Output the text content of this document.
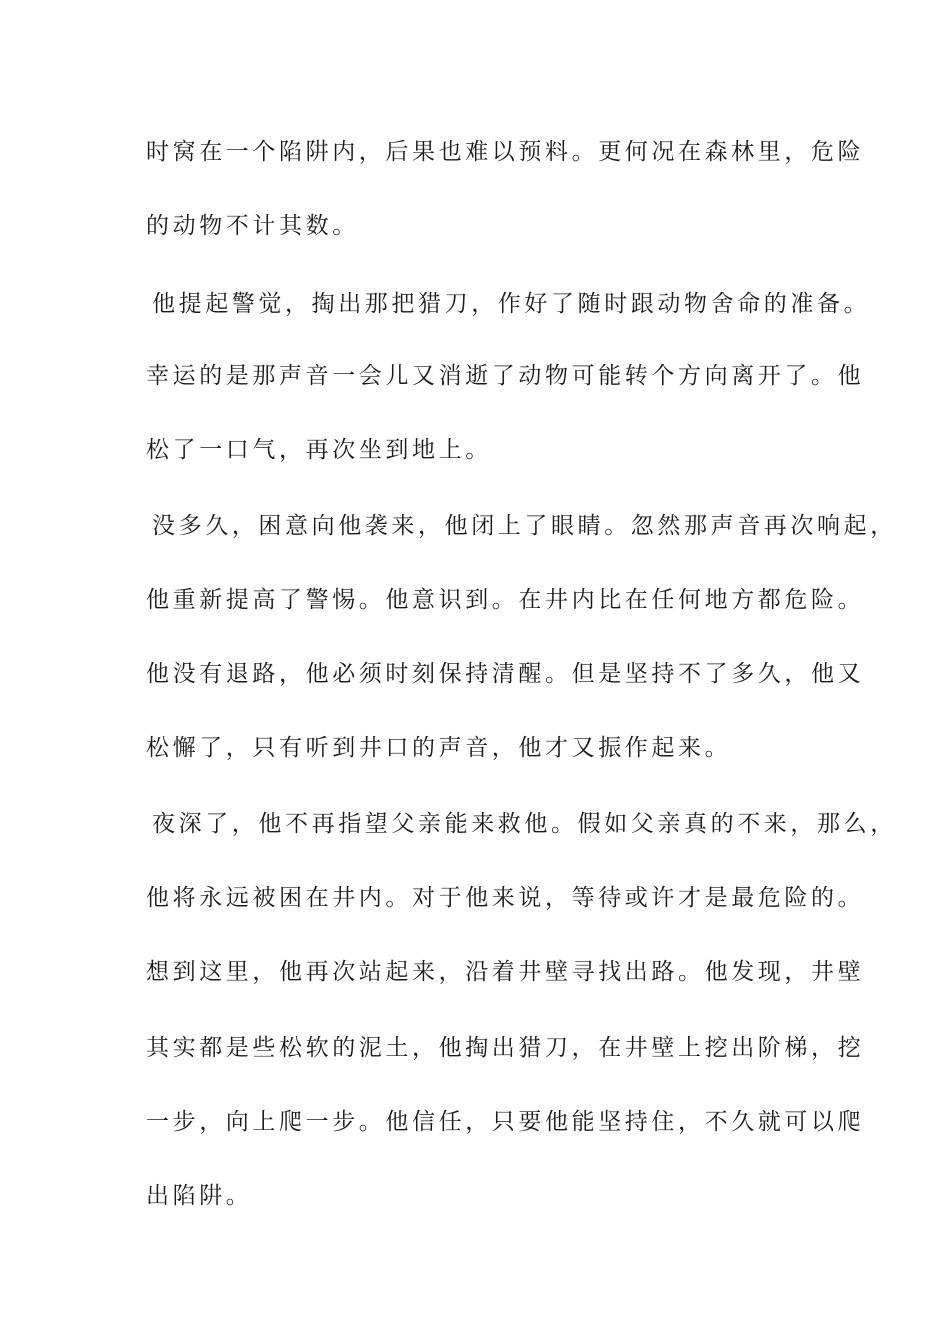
时窝在一个陷阱内，后果也难以预料。更何况在森林里，危险
的动物不计其数。
他提起警觉，掏出那把猎刀，作好了随时跟动物舍命的准备。
幸运的是那声音一会儿又消逝了动物可能转个方向离开了。他
松了一口气，再次坐到地上。
没多久，困意向他袭来，他闭上了眼睛。忽然那声音再次响起，
他重新提高了警惕。他意识到。在井内比在任何地方都危险。
他没有退路，他必须时刻保持清醒。但是坚持不了多久，他又
松懈了，只有听到井口的声音，他才又振作起来。
夜深了，他不再指望父亲能来救他。假如父亲真的不来，那么，
他将永远被困在井内。对于他来说，等待或许才是最危险的。
想到这里，他再次站起来，沿着井壁寻找出路。他发现，井壁
其实都是些松软的泥土，他掏出猎刀，在井壁上挖出阶梯，挖
一步，向上爬一步。他信任，只要他能坚持住，不久就可以爬
出陷阱。
